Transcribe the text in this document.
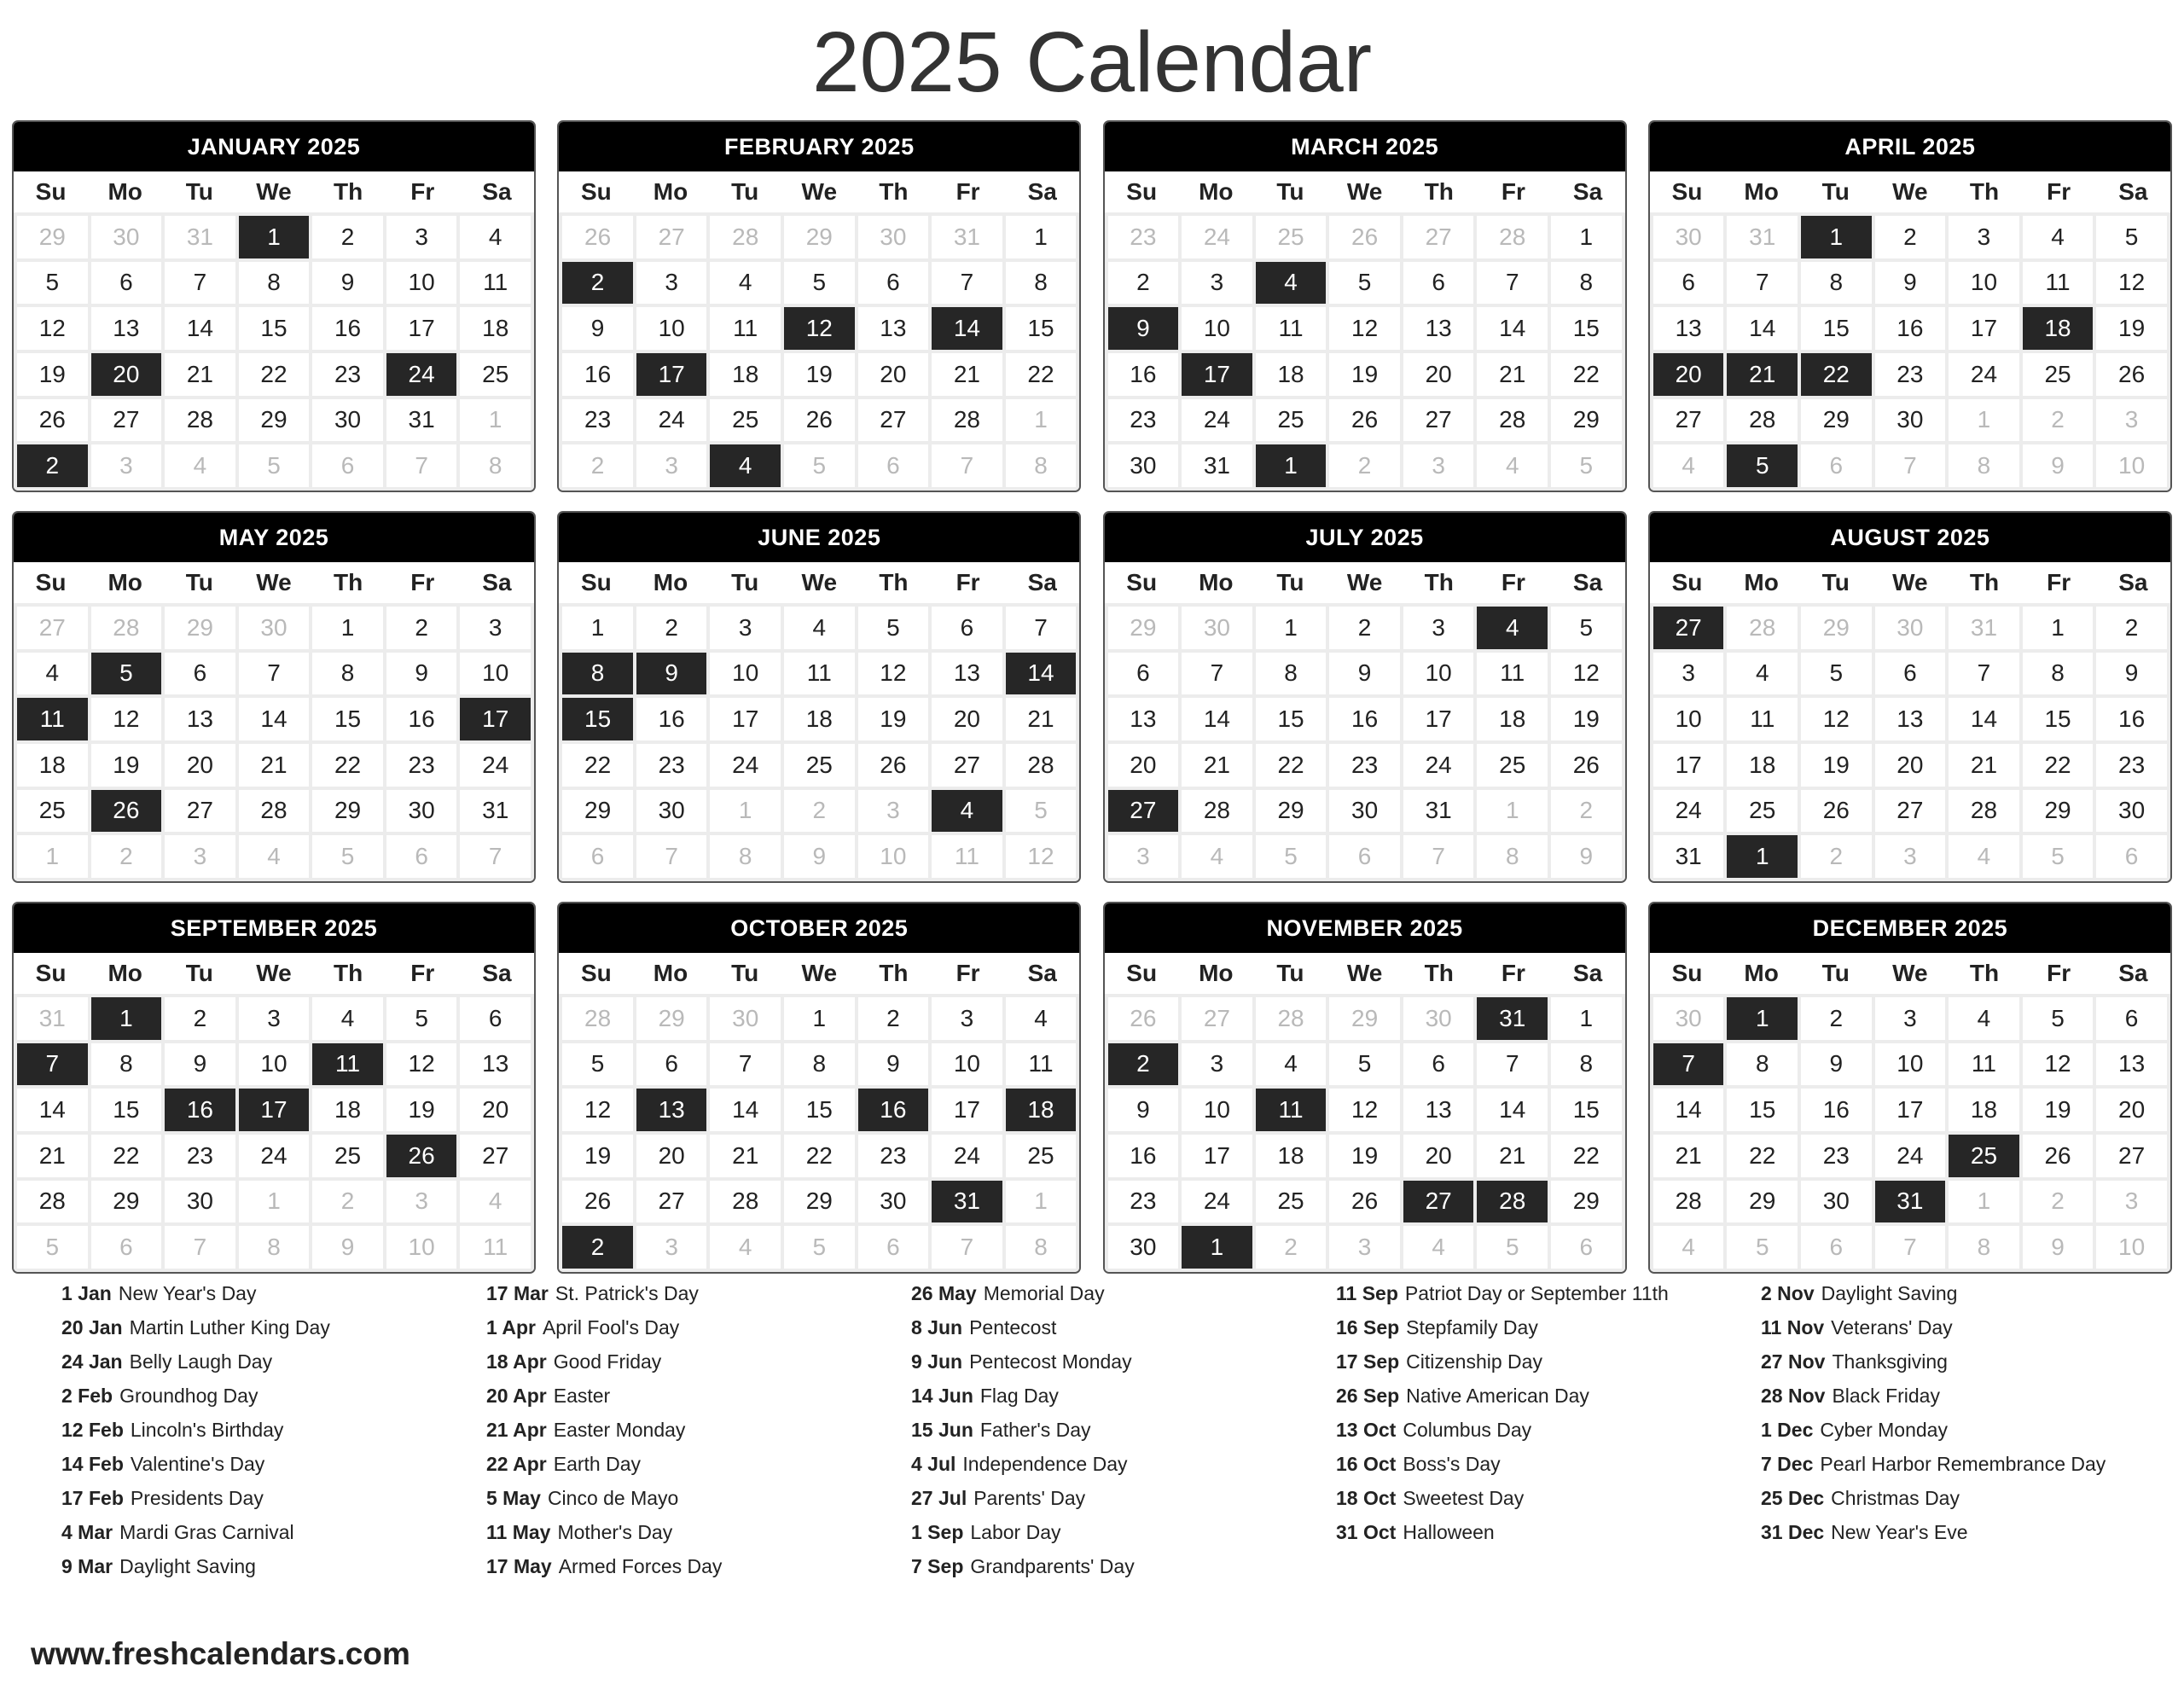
2025 Calendar
JANUARY 2025
Su	Mo	Tu	We	Th	Fr	Sa
29	30	31	1	2	3	4
5	6	7	8	9	10	11
12	13	14	15	16	17	18
19	20	21	22	23	24	25
26	27	28	29	30	31	1
2	3	4	5	6	7	8
FEBRUARY 2025
Su	Mo	Tu	We	Th	Fr	Sa
26	27	28	29	30	31	1
2	3	4	5	6	7	8
9	10	11	12	13	14	15
16	17	18	19	20	21	22
23	24	25	26	27	28	1
2	3	4	5	6	7	8
MARCH 2025
Su	Mo	Tu	We	Th	Fr	Sa
23	24	25	26	27	28	1
2	3	4	5	6	7	8
9	10	11	12	13	14	15
16	17	18	19	20	21	22
23	24	25	26	27	28	29
30	31	1	2	3	4	5
APRIL 2025
Su	Mo	Tu	We	Th	Fr	Sa
30	31	1	2	3	4	5
6	7	8	9	10	11	12
13	14	15	16	17	18	19
20	21	22	23	24	25	26
27	28	29	30	1	2	3
4	5	6	7	8	9	10
MAY 2025
Su	Mo	Tu	We	Th	Fr	Sa
27	28	29	30	1	2	3
4	5	6	7	8	9	10
11	12	13	14	15	16	17
18	19	20	21	22	23	24
25	26	27	28	29	30	31
1	2	3	4	5	6	7
JUNE 2025
Su	Mo	Tu	We	Th	Fr	Sa
1	2	3	4	5	6	7
8	9	10	11	12	13	14
15	16	17	18	19	20	21
22	23	24	25	26	27	28
29	30	1	2	3	4	5
6	7	8	9	10	11	12
JULY 2025
Su	Mo	Tu	We	Th	Fr	Sa
29	30	1	2	3	4	5
6	7	8	9	10	11	12
13	14	15	16	17	18	19
20	21	22	23	24	25	26
27	28	29	30	31	1	2
3	4	5	6	7	8	9
AUGUST 2025
Su	Mo	Tu	We	Th	Fr	Sa
27	28	29	30	31	1	2
3	4	5	6	7	8	9
10	11	12	13	14	15	16
17	18	19	20	21	22	23
24	25	26	27	28	29	30
31	1	2	3	4	5	6
SEPTEMBER 2025
Su	Mo	Tu	We	Th	Fr	Sa
31	1	2	3	4	5	6
7	8	9	10	11	12	13
14	15	16	17	18	19	20
21	22	23	24	25	26	27
28	29	30	1	2	3	4
5	6	7	8	9	10	11
OCTOBER 2025
Su	Mo	Tu	We	Th	Fr	Sa
28	29	30	1	2	3	4
5	6	7	8	9	10	11
12	13	14	15	16	17	18
19	20	21	22	23	24	25
26	27	28	29	30	31	1
2	3	4	5	6	7	8
NOVEMBER 2025
Su	Mo	Tu	We	Th	Fr	Sa
26	27	28	29	30	31	1
2	3	4	5	6	7	8
9	10	11	12	13	14	15
16	17	18	19	20	21	22
23	24	25	26	27	28	29
30	1	2	3	4	5	6
DECEMBER 2025
Su	Mo	Tu	We	Th	Fr	Sa
30	1	2	3	4	5	6
7	8	9	10	11	12	13
14	15	16	17	18	19	20
21	22	23	24	25	26	27
28	29	30	31	1	2	3
4	5	6	7	8	9	10
1 Jan New Year's Day
20 Jan Martin Luther King Day
24 Jan Belly Laugh Day
2 Feb Groundhog Day
12 Feb Lincoln's Birthday
14 Feb Valentine's Day
17 Feb Presidents Day
4 Mar Mardi Gras Carnival
9 Mar Daylight Saving
17 Mar St. Patrick's Day
1 Apr April Fool's Day
18 Apr Good Friday
20 Apr Easter
21 Apr Easter Monday
22 Apr Earth Day
5 May Cinco de Mayo
11 May Mother's Day
17 May Armed Forces Day
26 May Memorial Day
8 Jun Pentecost
9 Jun Pentecost Monday
14 Jun Flag Day
15 Jun Father's Day
4 Jul Independence Day
27 Jul Parents' Day
1 Sep Labor Day
7 Sep Grandparents' Day
11 Sep Patriot Day or September 11th
16 Sep Stepfamily Day
17 Sep Citizenship Day
26 Sep Native American Day
13 Oct Columbus Day
16 Oct Boss's Day
18 Oct Sweetest Day
31 Oct Halloween
2 Nov Daylight Saving
11 Nov Veterans' Day
27 Nov Thanksgiving
28 Nov Black Friday
1 Dec Cyber Monday
7 Dec Pearl Harbor Remembrance Day
25 Dec Christmas Day
31 Dec New Year's Eve
www.freshcalendars.com
